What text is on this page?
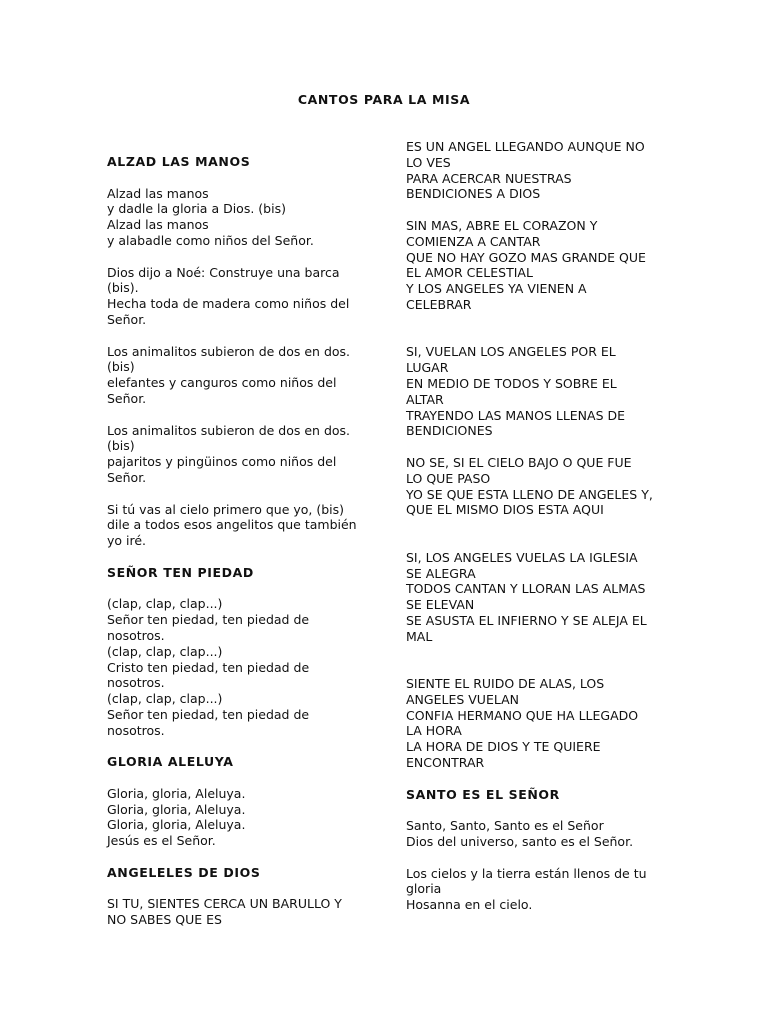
CANTOS PARA LA MISA

ALZAD LAS MANOS

Alzad las manos

y dadle la gloria a Dios. (bis)

Alzad las manos

y alabadle como niños del Señor.

Dios dijo a Noé: Construye una barca

(bis).

Hecha toda de madera como niños del

Señor.

Los animalitos subieron de dos en dos.

(bis)

elefantes y canguros como niños del

Señor.

Los animalitos subieron de dos en dos.

(bis)

pajaritos y pingüinos como niños del

Señor.

Si tú vas al cielo primero que yo, (bis)

dile a todos esos angelitos que también

yo iré.

SEÑOR TEN PIEDAD

(clap, clap, clap...)

Señor ten piedad, ten piedad de

nosotros.

(clap, clap, clap...)

Cristo ten piedad, ten piedad de

nosotros.

(clap, clap, clap...)

Señor ten piedad, ten piedad de

nosotros.

GLORIA ALELUYA

Gloria, gloria, Aleluya.

Gloria, gloria, Aleluya.

Gloria, gloria, Aleluya.

Jesús es el Señor.

ANGELELES DE DIOS

SI TU, SIENTES CERCA UN BARULLO Y

NO SABES QUE ES

ES UN ANGEL LLEGANDO AUNQUE NO

LO VES

PARA ACERCAR NUESTRAS

BENDICIONES A DIOS

SIN MAS, ABRE EL CORAZON Y

COMIENZA A CANTAR

QUE NO HAY GOZO MAS GRANDE QUE

EL AMOR CELESTIAL

Y LOS ANGELES YA VIENEN A

CELEBRAR

SI, VUELAN LOS ANGELES POR EL

LUGAR

EN MEDIO DE TODOS Y SOBRE EL

ALTAR

TRAYENDO LAS MANOS LLENAS DE

BENDICIONES

NO SE, SI EL CIELO BAJO O QUE FUE

LO QUE PASO

YO SE QUE ESTA LLENO DE ANGELES Y,

QUE EL MISMO DIOS ESTA AQUI

SI, LOS ANGELES VUELAS LA IGLESIA

SE ALEGRA

TODOS CANTAN Y LLORAN LAS ALMAS

SE ELEVAN

SE ASUSTA EL INFIERNO Y SE ALEJA EL

MAL

SIENTE EL RUIDO DE ALAS, LOS

ANGELES VUELAN

CONFIA HERMANO QUE HA LLEGADO

LA HORA

LA HORA DE DIOS Y TE QUIERE

ENCONTRAR

SANTO ES EL SEÑOR

Santo, Santo, Santo es el Señor

Dios del universo, santo es el Señor.

Los cielos y la tierra están llenos de tu

gloria

Hosanna en el cielo.
